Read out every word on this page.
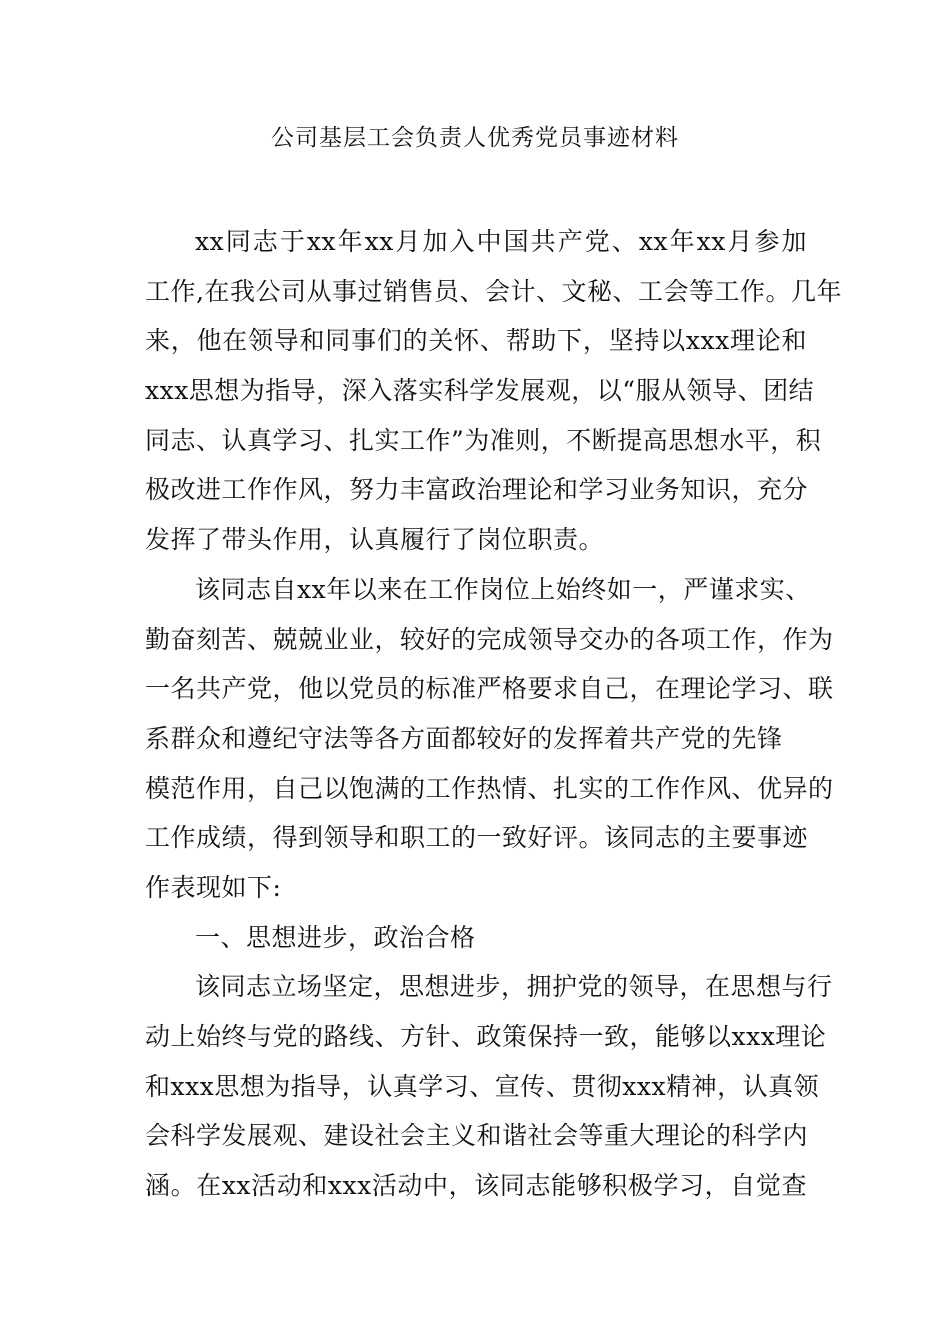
公司基层工会负责人优秀党员事迹材料
xx同志于xx年xx月加入中国共产党、xx年xx月参加
工作,在我公司从事过销售员、会计、文秘、工会等工作。几年
来，他在领导和同事们的关怀、帮助下，坚持以xxx理论和
xxx思想为指导，深入落实科学发展观，以“服从领导、团结
同志、认真学习、扎实工作”为准则，不断提高思想水平，积
极改进工作作风，努力丰富政治理论和学习业务知识，充分
发挥了带头作用，认真履行了岗位职责。
该同志自xx年以来在工作岗位上始终如一，严谨求实、
勤奋刻苦、兢兢业业，较好的完成领导交办的各项工作，作为
一名共产党，他以党员的标准严格要求自己，在理论学习、联
系群众和遵纪守法等各方面都较好的发挥着共产党的先锋
模范作用，自己以饱满的工作热情、扎实的工作作风、优异的
工作成绩，得到领导和职工的一致好评。该同志的主要事迹
作表现如下:
一、思想进步，政治合格
该同志立场坚定，思想进步，拥护党的领导，在思想与行
动上始终与党的路线、方针、政策保持一致，能够以xxx理论
和xxx思想为指导，认真学习、宣传、贯彻xxx精神，认真领
会科学发展观、建设社会主义和谐社会等重大理论的科学内
涵。在xx活动和xxx活动中，该同志能够积极学习，自觉查
